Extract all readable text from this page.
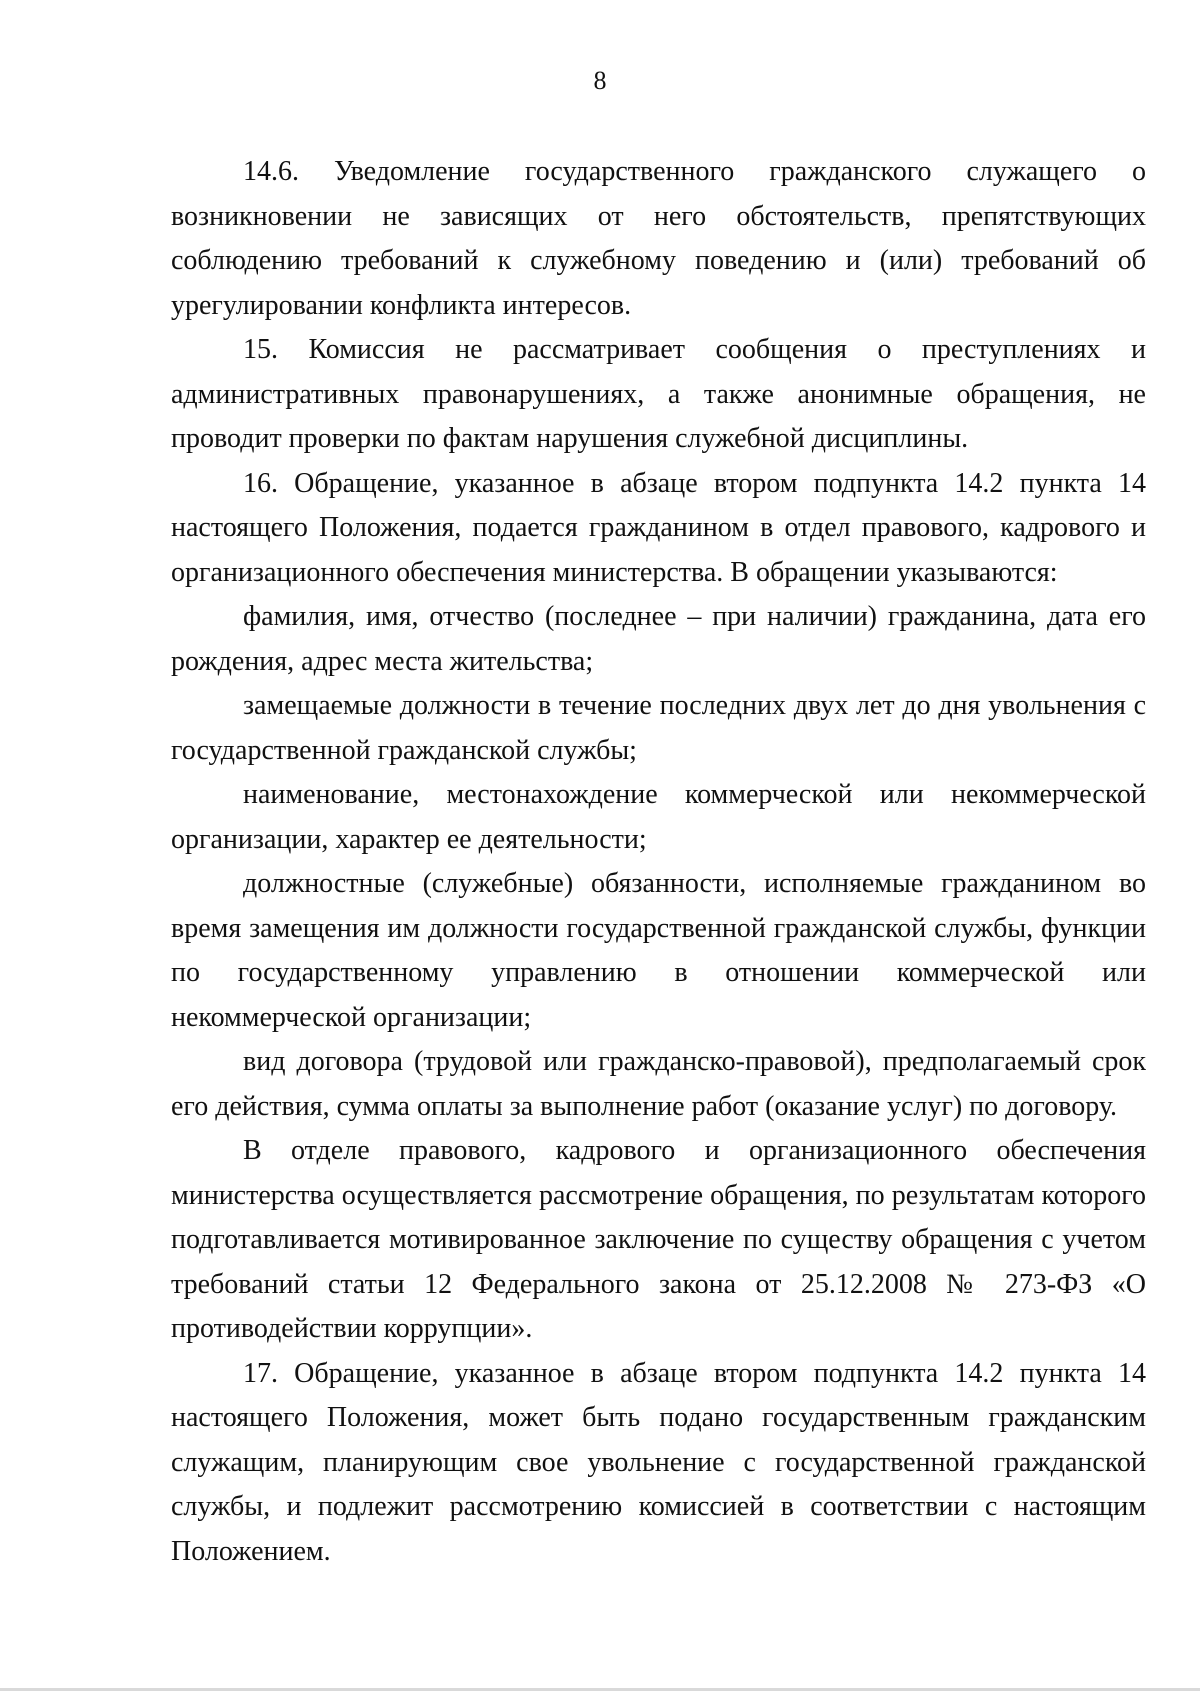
8

14.6. Уведомление государственного гражданского служащего о возникновении не зависящих от него обстоятельств, препятствующих соблюдению требований к служебному поведению и (или) требований об урегулировании конфликта интересов.

15. Комиссия не рассматривает сообщения о преступлениях и административных правонарушениях, а также анонимные обращения, не проводит проверки по фактам нарушения служебной дисциплины.

16. Обращение, указанное в абзаце втором подпункта 14.2 пункта 14 настоящего Положения, подается гражданином в отдел правового, кадрового и организационного обеспечения министерства. В обращении указываются:

фамилия, имя, отчество (последнее – при наличии) гражданина, дата его рождения, адрес места жительства;

замещаемые должности в течение последних двух лет до дня увольнения с государственной гражданской службы;

наименование, местонахождение коммерческой или некоммерческой организации, характер ее деятельности;

должностные (служебные) обязанности, исполняемые гражданином во время замещения им должности государственной гражданской службы, функции по государственному управлению в отношении коммерческой или некоммерческой организации;

вид договора (трудовой или гражданско-правовой), предполагаемый срок его действия, сумма оплаты за выполнение работ (оказание услуг) по договору.

В отделе правового, кадрового и организационного обеспечения министерства осуществляется рассмотрение обращения, по результатам которого подготавливается мотивированное заключение по существу обращения с учетом требований статьи 12 Федерального закона от 25.12.2008 № 273-ФЗ «О противодействии коррупции».

17. Обращение, указанное в абзаце втором подпункта 14.2 пункта 14 настоящего Положения, может быть подано государственным гражданским служащим, планирующим свое увольнение с государственной гражданской службы, и подлежит рассмотрению комиссией в соответствии с настоящим Положением.
